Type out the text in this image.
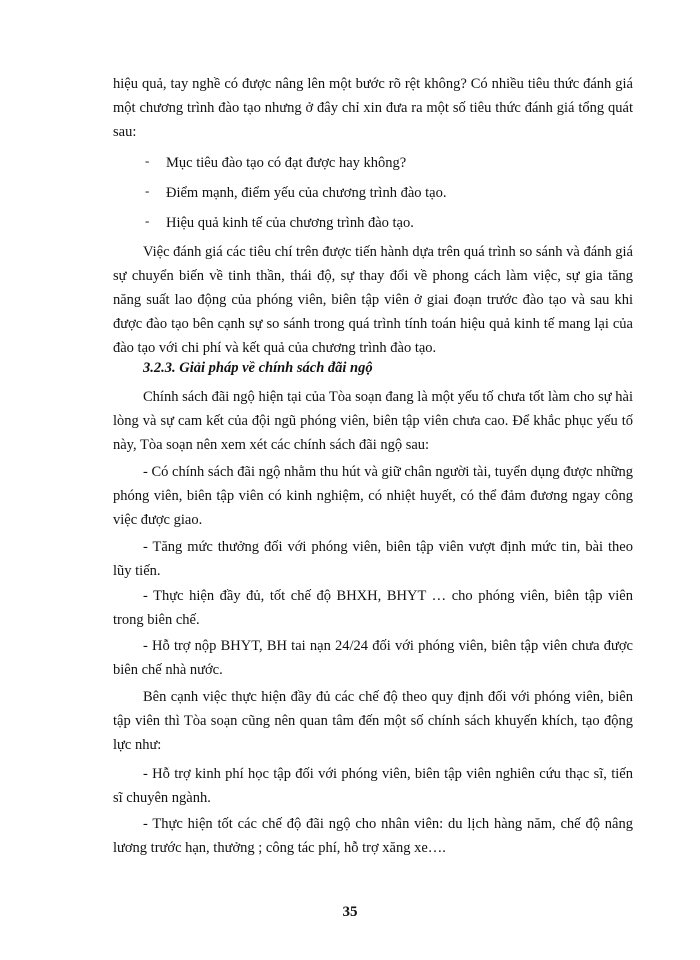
hiệu quả, tay nghề có được nâng lên một bước rõ rệt không? Có nhiều tiêu thức đánh giá một chương trình đào tạo nhưng ở đây chỉ xin đưa ra một số tiêu thức đánh giá tổng quát sau:

- Mục tiêu đào tạo có đạt được hay không?
- Điểm mạnh, điểm yếu của chương trình đào tạo.
- Hiệu quả kinh tế của chương trình đào tạo.

Việc đánh giá các tiêu chí trên được tiến hành dựa trên quá trình so sánh và đánh giá sự chuyển biến về tinh thần, thái độ, sự thay đổi về phong cách làm việc, sự gia tăng năng suất lao động của phóng viên, biên tập viên ở giai đoạn trước đào tạo và sau khi được đào tạo bên cạnh sự so sánh trong quá trình tính toán hiệu quả kinh tế mang lại của đào tạo với chi phí và kết quả của chương trình đào tạo.

3.2.3. Giải pháp về chính sách đãi ngộ

Chính sách đãi ngộ hiện tại của Tòa soạn đang là một yếu tố chưa tốt làm cho sự hài lòng và sự cam kết của đội ngũ phóng viên, biên tập viên chưa cao. Để khắc phục yếu tố này, Tòa soạn nên xem xét các chính sách đãi ngộ sau:

- Có chính sách đãi ngộ nhằm thu hút và giữ chân người tài, tuyển dụng được những phóng viên, biên tập viên có kinh nghiệm, có nhiệt huyết, có thể đảm đương ngay công việc được giao.

- Tăng mức thưởng đối với phóng viên, biên tập viên vượt định mức tin, bài theo lũy tiến.

- Thực hiện đầy đủ, tốt chế độ BHXH, BHYT … cho phóng viên, biên tập viên trong biên chế.

- Hỗ trợ nộp BHYT, BH tai nạn 24/24 đối với phóng viên, biên tập viên chưa được biên chế nhà nước.

Bên cạnh việc thực hiện đầy đủ các chế độ theo quy định đối với phóng viên, biên tập viên thì Tòa soạn cũng nên quan tâm đến một số chính sách khuyến khích, tạo động lực như:

- Hỗ trợ kinh phí học tập đối với phóng viên, biên tập viên nghiên cứu thạc sĩ, tiến sĩ chuyên ngành.

- Thực hiện tốt các chế độ đãi ngộ cho nhân viên: du lịch hàng năm, chế độ nâng lương trước hạn, thưởng ; công tác phí, hỗ trợ xăng xe….

35
